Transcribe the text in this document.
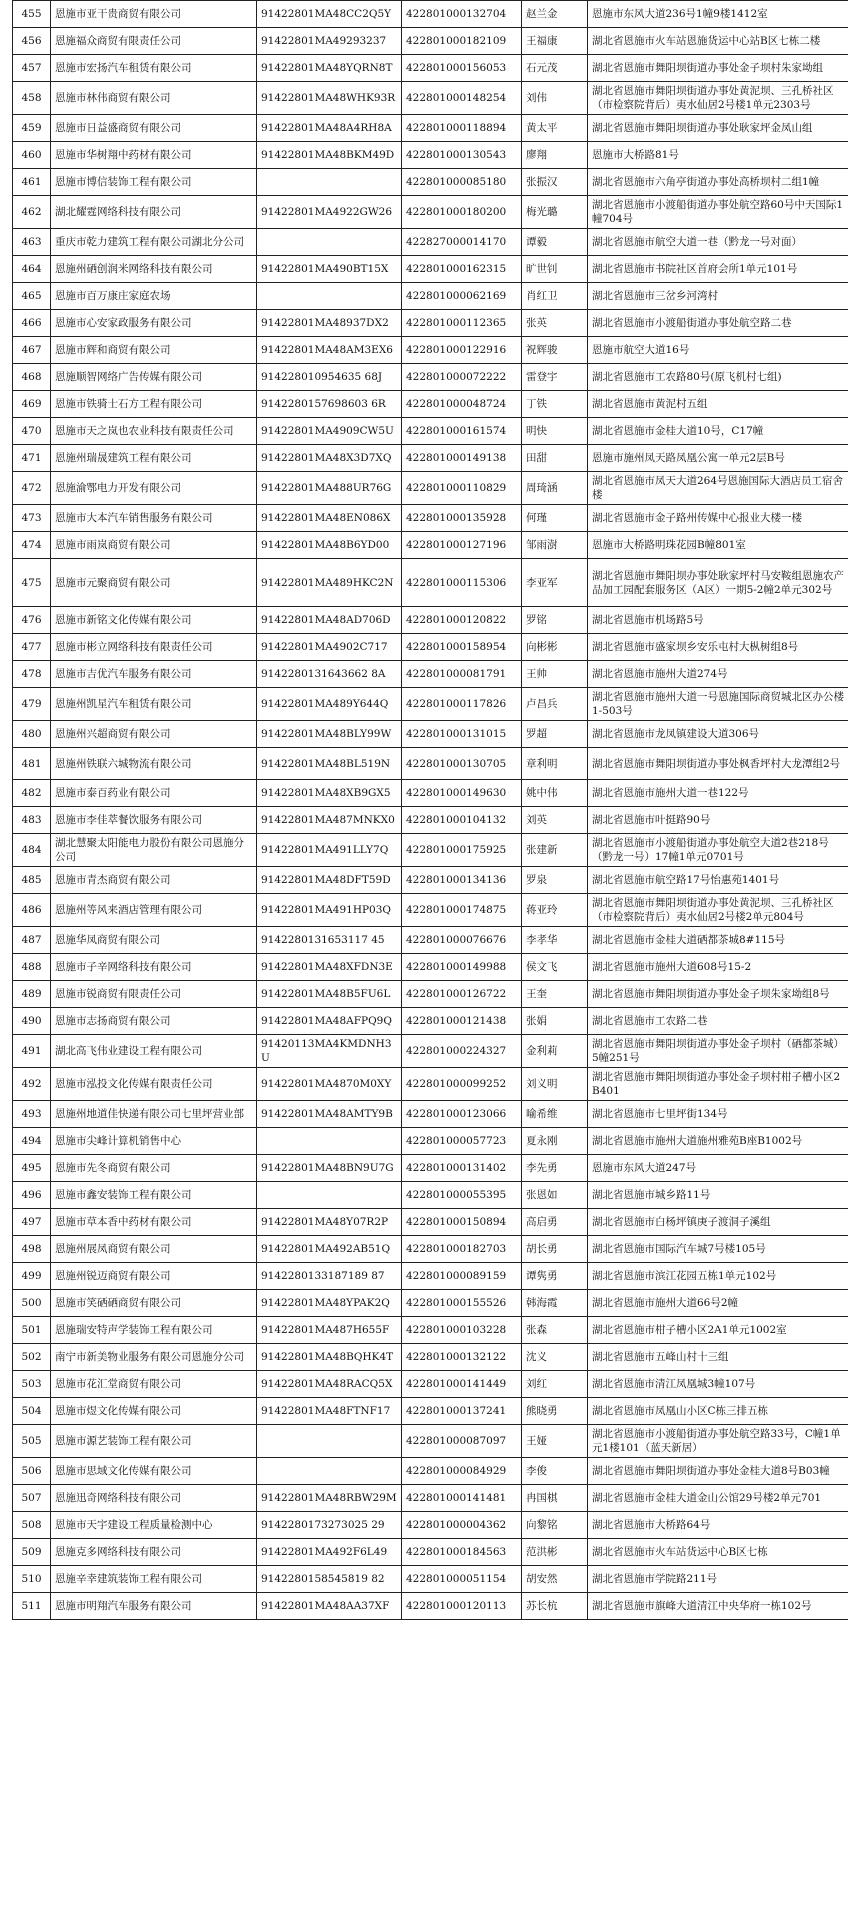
455	恩施市亚干贵商贸有限公司	91422801MA48CC2Q5Y	422801000132704	赵兰金	恩施市东风大道236号1幢9楼1412室
456	恩施福众商贸有限责任公司	91422801MA49293237	422801000182109	王福康	湖北省恩施市火车站恩施货运中心站B区七栋二楼
457	恩施市宏扬汽车租赁有限公司	91422801MA48YQRN8T	422801000156053	石元茂	湖北省恩施市舞阳坝街道办事处金子坝村朱家坳组
458	恩施市林伟商贸有限公司	91422801MA48WHK93R	422801000148254	刘伟	湖北省恩施市舞阳坝街道办事处黄泥坝、三孔桥社区（市检察院背后）夷水仙居2号楼1单元2303号
459	恩施市日益盛商贸有限公司	91422801MA48A4RH8A	422801000118894	黄太平	湖北省恩施市舞阳坝街道办事处耿家坪金凤山组
460	恩施市华树翔中药材有限公司	91422801MA48BKM49D	422801000130543	廖翔	恩施市大桥路81号
461	恩施市博信装饰工程有限公司		422801000085180	张振汉	湖北省恩施市六角亭街道办事处高桥坝村二组1幢
462	湖北耀霆网络科技有限公司	91422801MA4922GW26	422801000180200	梅光璐	湖北省恩施市小渡船街道办事处航空路60号中天国际1幢704号
463	重庆市乾力建筑工程有限公司湖北分公司		422827000014170	谭毅	湖北省恩施市航空大道一巷（黔龙一号对面）
464	恩施州硒创润米网络科技有限公司	91422801MA490BT15X	422801000162315	旷世钊	湖北省恩施市书院社区首府会所1单元101号
465	恩施市百万康庄家庭农场		422801000062169	肖红卫	湖北省恩施市三岔乡河湾村
466	恩施市心安家政服务有限公司	91422801MA48937DX2	422801000112365	张英	湖北省恩施市小渡船街道办事处航空路二巷
467	恩施市辉和商贸有限公司	91422801MA48AM3EX6	422801000122916	祝辉骏	恩施市航空大道16号
468	恩施顺智网络广告传媒有限公司	914228010954635 68J	422801000072222	雷登宇	湖北省恩施市工农路80号(原飞机村七组)
469	恩施市铁骑士石方工程有限公司	9142280157698603 6R	422801000048724	丁铁	湖北省恩施市黄泥村五组
470	恩施市天之岚也农业科技有限责任公司	91422801MA4909CW5U	422801000161574	明快	湖北省恩施市金桂大道10号，C17幢
471	恩施州瑞晟建筑工程有限公司	91422801MA48X3D7XQ	422801000149138	田甜	恩施市施州凤天路凤凰公寓一单元2层B号
472	恩施渝鄂电力开发有限公司	91422801MA488UR76G	422801000110829	周琦涵	湖北省恩施市凤天大道264号恩施国际大酒店员工宿舍楼
473	恩施市大本汽车销售服务有限公司	91422801MA48EN086X	422801000135928	何瑾	湖北省恩施市金子路州传媒中心报业大楼一楼
474	恩施市雨岚商贸有限公司	91422801MA48B6YD00	422801000127196	邹雨澍	恩施市大桥路明珠花园B幢801室
475	恩施市元聚商贸有限公司	91422801MA489HKC2N	422801000115306	李亚军	湖北省恩施市舞阳坝办事处耿家坪村马安鞍组恩施农产品加工园配套服务区（A区）一期5-2幢2单元302号
476	恩施市新铭文化传媒有限公司	91422801MA48AD706D	422801000120822	罗铭	湖北省恩施市机场路5号
477	恩施市彬立网络科技有限责任公司	91422801MA4902C717	422801000158954	向彬彬	湖北省恩施市盛家坝乡安乐屯村大枞树组8号
478	恩施市吉优汽车服务有限公司	9142280131643662 8A	422801000081791	王帅	湖北省恩施市施州大道274号
479	恩施州凯星汽车租赁有限公司	91422801MA489Y644Q	422801000117826	卢昌兵	湖北省恩施市施州大道一号恩施国际商贸城北区办公楼1-503号
480	恩施州兴超商贸有限公司	91422801MA48BLY99W	422801000131015	罗超	湖北省恩施市龙凤镇建设大道306号
481	恩施州铁联六城物流有限公司	91422801MA48BL519N	422801000130705	章利明	湖北省恩施市舞阳坝街道办事处枫香坪村大龙潭组2号
482	恩施市泰百药业有限公司	91422801MA48XB9GX5	422801000149630	姚中伟	湖北省恩施市施州大道一巷122号
483	恩施市李佳萃餐饮服务有限公司	91422801MA487MNKX0	422801000104132	刘英	湖北省恩施市叶挺路90号
484	湖北慧聚太阳能电力股份有限公司恩施分公司	91422801MA491LLY7Q	422801000175925	张建新	湖北省恩施市小渡船街道办事处航空大道2巷218号（黔龙一号）17幢1单元0701号
485	恩施市青杰商贸有限公司	91422801MA48DFT59D	422801000134136	罗泉	湖北省恩施市航空路17号怡惠苑1401号
486	恩施州等风来酒店管理有限公司	91422801MA491HP03Q	422801000174875	蒋亚玲	湖北省恩施市舞阳坝街道办事处黄泥坝、三孔桥社区（市检察院背后）夷水仙居2号楼2单元804号
487	恩施华凤商贸有限公司	9142280131653117 45	422801000076676	李孝华	湖北省恩施市金桂大道硒都茶城8#115号
488	恩施市子辛网络科技有限公司	91422801MA48XFDN3E	422801000149988	侯文飞	湖北省恩施市施州大道608号15-2
489	恩施市锐商贸有限责任公司	91422801MA48B5FU6L	422801000126722	王奎	湖北省恩施市舞阳坝街道办事处金子坝朱家坳组8号
490	恩施市志扬商贸有限公司	91422801MA48AFPQ9Q	422801000121438	张娟	湖北省恩施市工农路二巷
491	湖北高飞伟业建设工程有限公司	91420113MA4KMDNH3U	422801000224327	金利莉	湖北省恩施市舞阳坝街道办事处金子坝村（硒都茶城）5幢251号
492	恩施市泓投文化传媒有限责任公司	91422801MA4870M0XY	422801000099252	刘义明	湖北省恩施市舞阳坝街道办事处金子坝村柑子槽小区2B401
493	恩施州地道佳快递有限公司七里坪营业部	91422801MA48AMTY9B	422801000123066	喻希维	湖北省恩施市七里坪街134号
494	恩施市尖峰计算机销售中心		422801000057723	夏永刚	湖北省恩施市施州大道施州雅苑B座B1002号
495	恩施市先冬商贸有限公司	91422801MA48BN9U7G	422801000131402	李先勇	恩施市东风大道247号
496	恩施市鑫安装饰工程有限公司		422801000055395	张恩如	湖北省恩施市城乡路11号
497	恩施市草本香中药材有限公司	91422801MA48Y07R2P	422801000150894	高启勇	湖北省恩施市白杨坪镇庚子渡洞子溪组
498	恩施州展凤商贸有限公司	91422801MA492AB51Q	422801000182703	胡长勇	湖北省恩施市国际汽车城7号楼105号
499	恩施州锐迈商贸有限公司	9142280133187189 87	422801000089159	谭隽勇	湖北省恩施市滨江花园五栋1单元102号
500	恩施市笑硒硒商贸有限公司	91422801MA48YPAK2Q	422801000155526	韩海霞	湖北省恩施市施州大道66号2幢
501	恩施瑞安特声学装饰工程有限公司	91422801MA487H655F	422801000103228	张森	湖北省恩施市柑子槽小区2A1单元1002室
502	南宁市新美物业服务有限公司恩施分公司	91422801MA48BQHK4T	422801000132122	沈义	湖北省恩施市五峰山村十三组
503	恩施市花汇堂商贸有限公司	91422801MA48RACQ5X	422801000141449	刘红	湖北省恩施市清江凤凰城3幢107号
504	恩施市煜文化传媒有限公司	91422801MA48FTNF17	422801000137241	熊晓勇	湖北省恩施市凤凰山小区C栋三排五栋
505	恩施市源艺装饰工程有限公司		422801000087097	王娅	湖北省恩施市小渡船街道办事处航空路33号，C幢1单元1楼101（蓝天新居）
506	恩施市思域文化传媒有限公司		422801000084929	李俊	湖北省恩施市舞阳坝街道办事处金桂大道8号B03幢
507	恩施迅奇网络科技有限公司	91422801MA48RBW29M	422801000141481	冉国棋	湖北省恩施市金桂大道金山公馆29号楼2单元701
508	恩施市天宇建设工程质量检测中心	9142280173273025 29	422801000004362	向黎铭	湖北省恩施市大桥路64号
509	恩施克多网络科技有限公司	91422801MA492F6L49	422801000184563	范洪彬	湖北省恩施市火车站货运中心B区七栋
510	恩施辛幸建筑装饰工程有限公司	9142280158545819 82	422801000051154	胡安然	湖北省恩施市学院路211号
511	恩施市明翔汽车服务有限公司	91422801MA48AA37XF	422801000120113	苏长杭	湖北省恩施市旗峰大道清江中央华府一栋102号
